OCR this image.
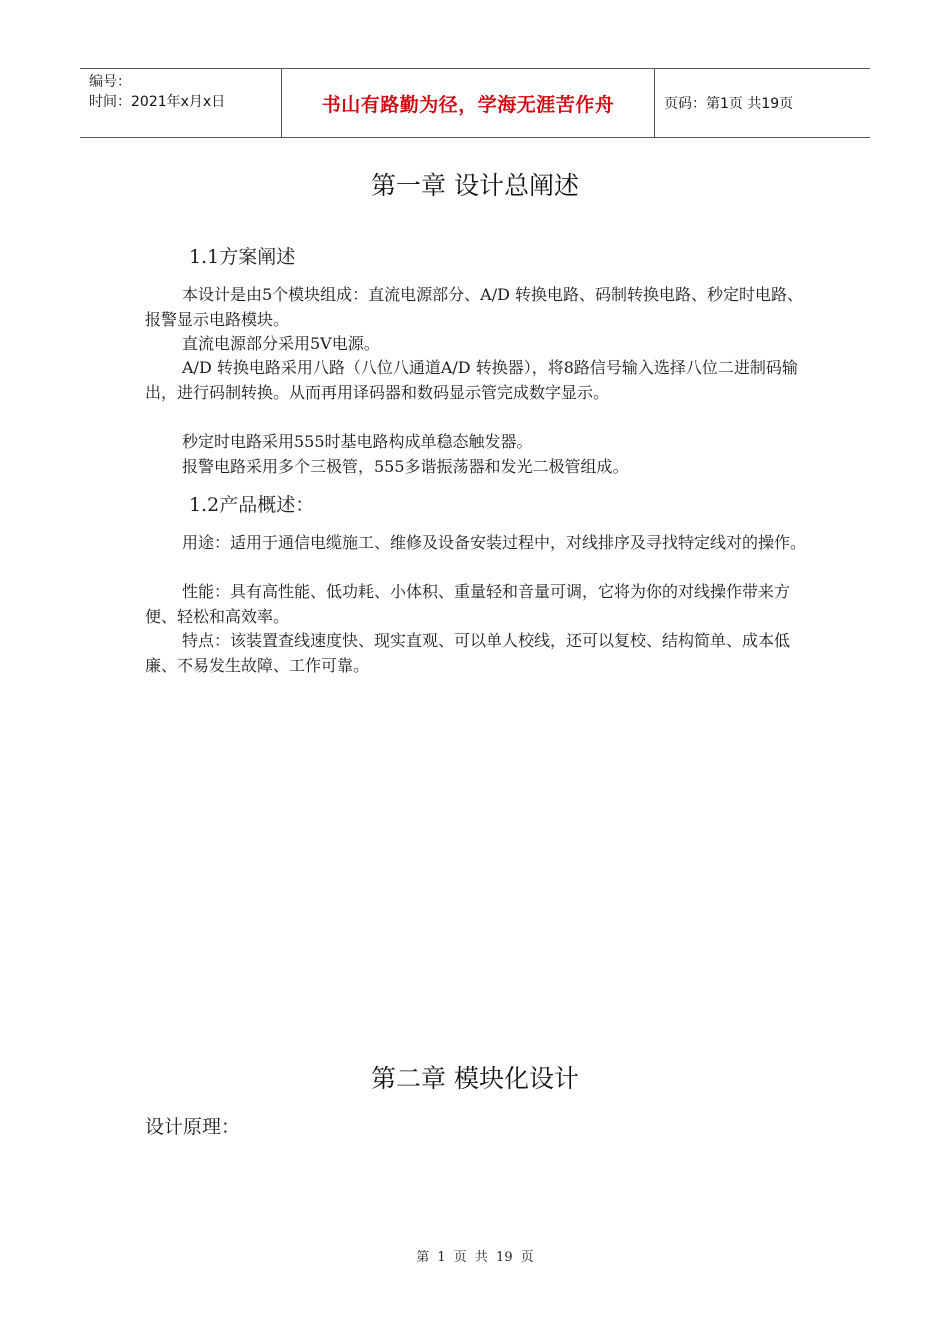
编号：
时间：2021年x月x日	书山有路勤为径，学海无涯苦作舟	页码：第1页 共19页
第一章 设计总阐述
1.1方案阐述

本设计是由5个模块组成：直流电源部分、A/D 转换电路、码制转换电路、秒定时电路、报警显示电路模块。

直流电源部分采用5V电源。

A/D 转换电路采用八路（八位八通道A/D 转换器），将8路信号输入选择八位二进制码输出，进行码制转换。从而再用译码器和数码显示管完成数字显示。

秒定时电路采用555时基电路构成单稳态触发器。

报警电路采用多个三极管，555多谐振荡器和发光二极管组成。

1.2产品概述：

用途：适用于通信电缆施工、维修及设备安装过程中，对线排序及寻找特定线对的操作。

性能：具有高性能、低功耗、小体积、重量轻和音量可调，它将为你的对线操作带来方便、轻松和高效率。

特点：该装置查线速度快、现实直观、可以单人校线，还可以复校、结构简单、成本低廉、不易发生故障、工作可靠。

第二章 模块化设计
设计原理：
第 1 页 共 19 页
